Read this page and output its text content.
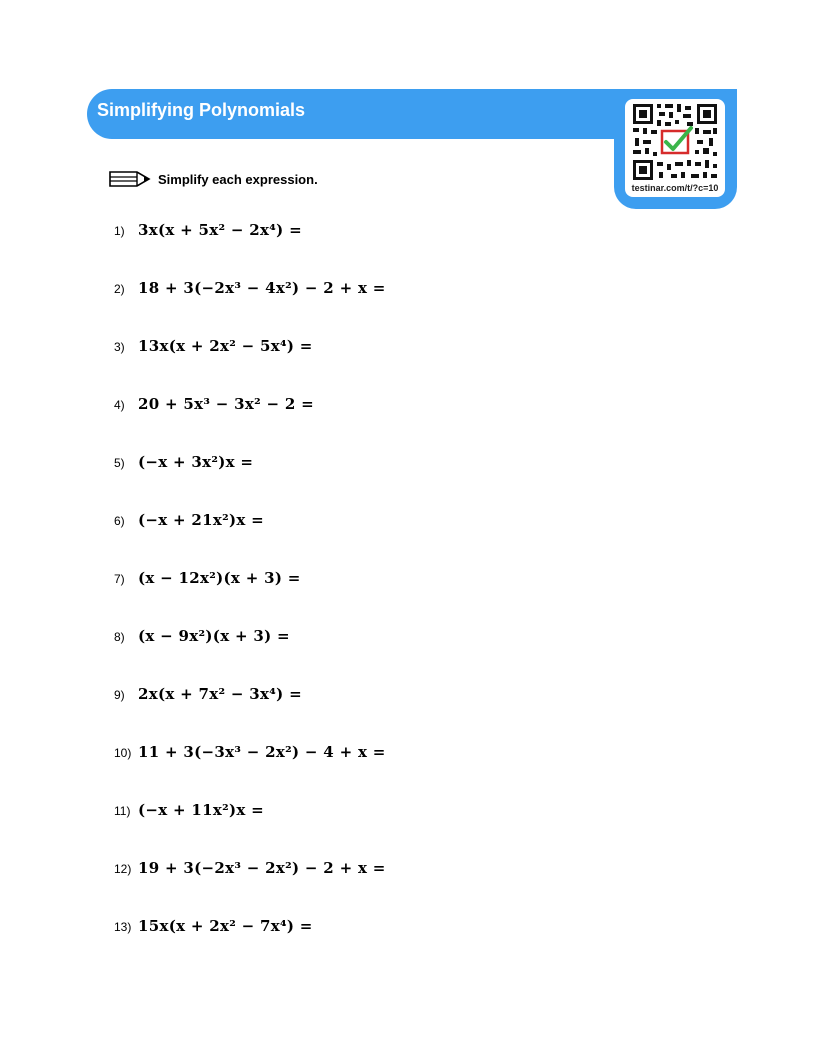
Simplifying Polynomials
testinar.com/t/?c=10
Simplify each expression.
1) 3x(x + 5x² − 2x⁴) =
2) 18 + 3(−2x³ − 4x²) − 2 + x =
3) 13x(x + 2x² − 5x⁴) =
4) 20 + 5x³ − 3x² − 2 =
5) (−x + 3x²)x =
6) (−x + 21x²)x =
7) (x − 12x²)(x + 3) =
8) (x − 9x²)(x + 3) =
9) 2x(x + 7x² − 3x⁴) =
10) 11 + 3(−3x³ − 2x²) − 4 + x =
11) (−x + 11x²)x =
12) 19 + 3(−2x³ − 2x²) − 2 + x =
13) 15x(x + 2x² − 7x⁴) =
